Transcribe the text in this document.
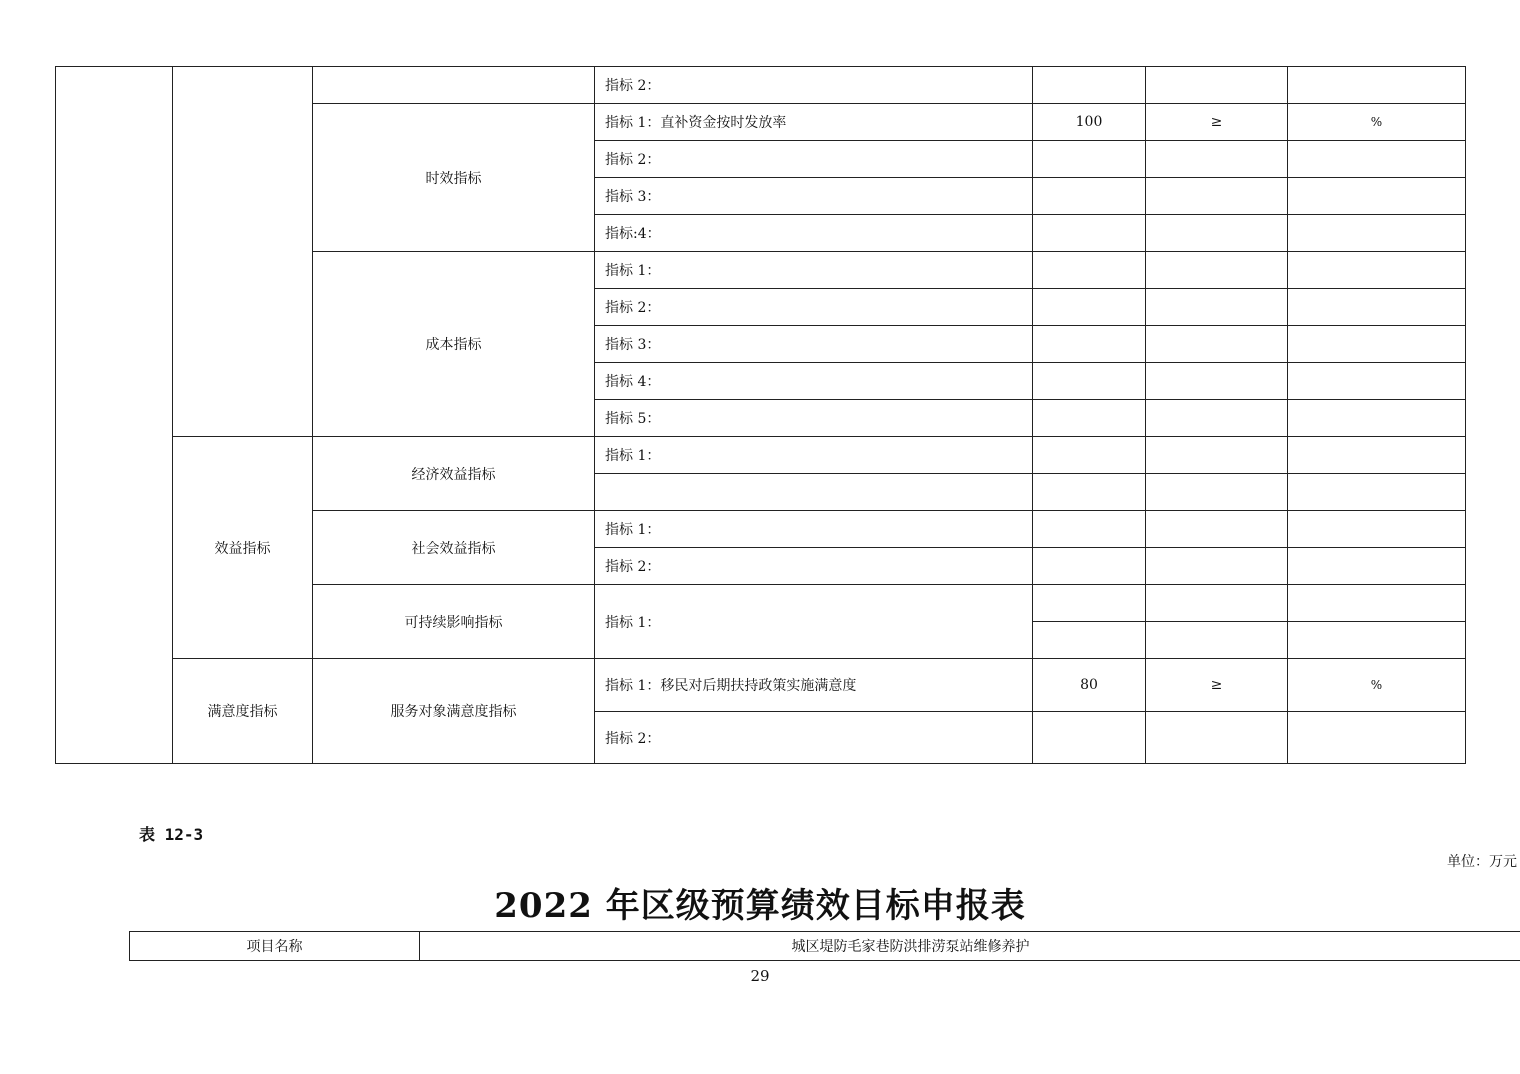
			指标 2：			
		时效指标	指标 1：直补资金按时发放率	100	≥	%
			指标 2：			
			指标 3：			
			指标:4：			
		成本指标	指标 1：			
			指标 2：			
			指标 3：			
			指标 4：			
			指标 5：			
	效益指标	经济效益指标	指标 1：			

		社会效益指标	指标 1：			
			指标 2：			
		可持续影响指标	指标 1：			

	满意度指标	服务对象满意度指标	指标 1：移民对后期扶持政策实施满意度	80	≥	%
			指标 2：			
表 12-3
单位：万元
2022 年区级预算绩效目标申报表
项目名称	城区堤防毛家巷防洪排涝泵站维修养护
29
